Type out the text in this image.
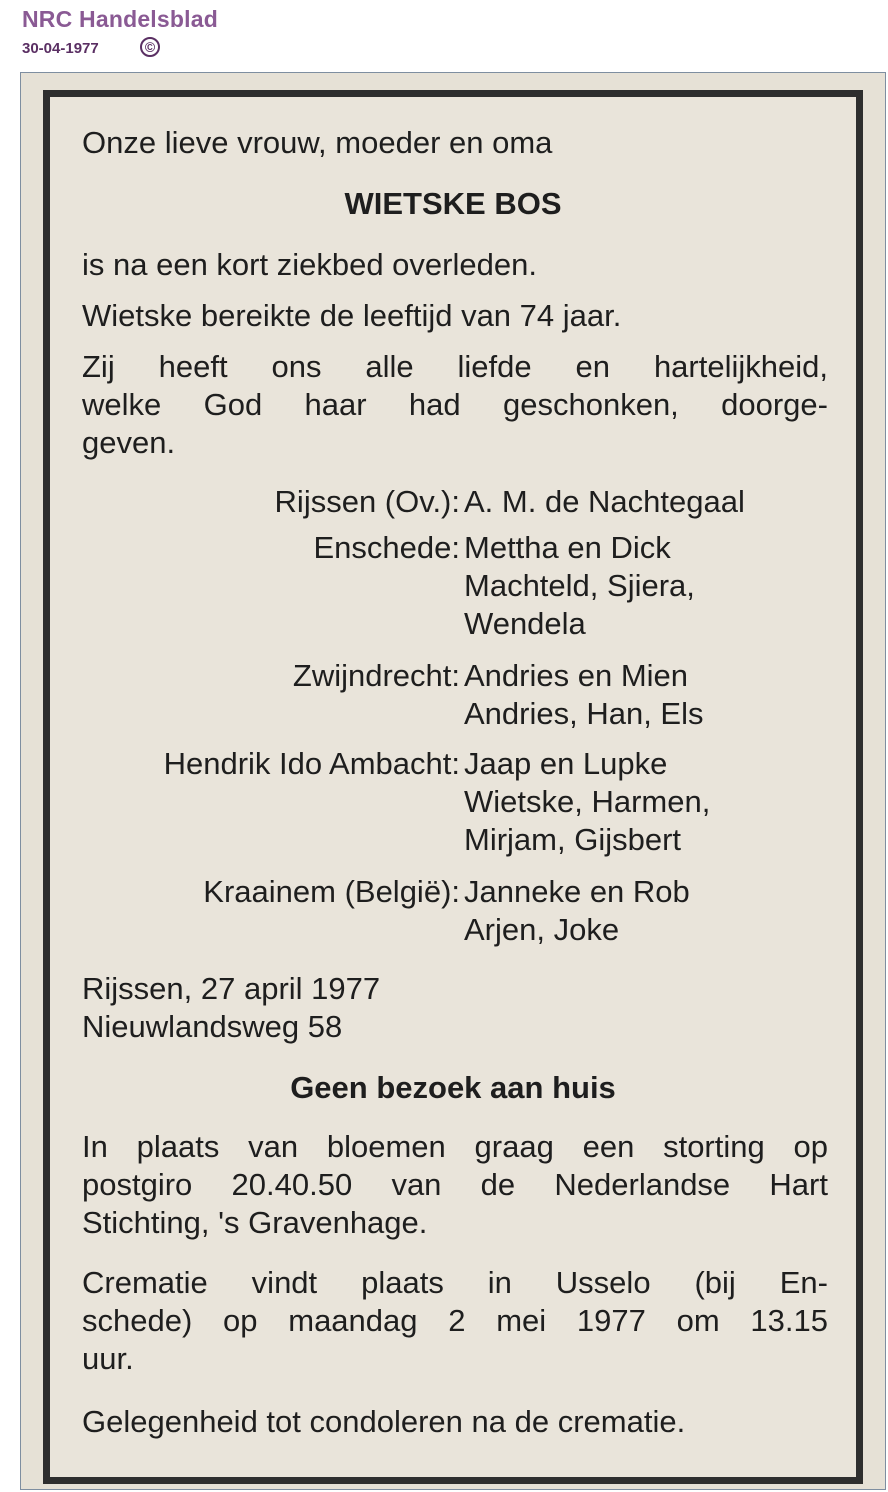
NRC Handelsblad
30-04-1977	©
Onze lieve vrouw, moeder en oma
WIETSKE BOS
is na een kort ziekbed overleden.
Wietske bereikte de leeftijd van 74 jaar.
Zij heeft ons alle liefde en hartelijkheid,
welke God haar had geschonken, doorge-
geven.
Rijssen (Ov.): A. M. de Nachtegaal
Enschede: Mettha en Dick
Machteld, Sjiera,
Wendela
Zwijndrecht: Andries en Mien
Andries, Han, Els
Hendrik Ido Ambacht: Jaap en Lupke
Wietske, Harmen,
Mirjam, Gijsbert
Kraainem (België): Janneke en Rob
Arjen, Joke
Rijssen, 27 april 1977
Nieuwlandsweg 58
Geen bezoek aan huis
In plaats van bloemen graag een storting op
postgiro 20.40.50 van de Nederlandse Hart
Stichting, 's Gravenhage.
Crematie vindt plaats in Usselo (bij En-
schede) op maandag 2 mei 1977 om 13.15
uur.
Gelegenheid tot condoleren na de crematie.
